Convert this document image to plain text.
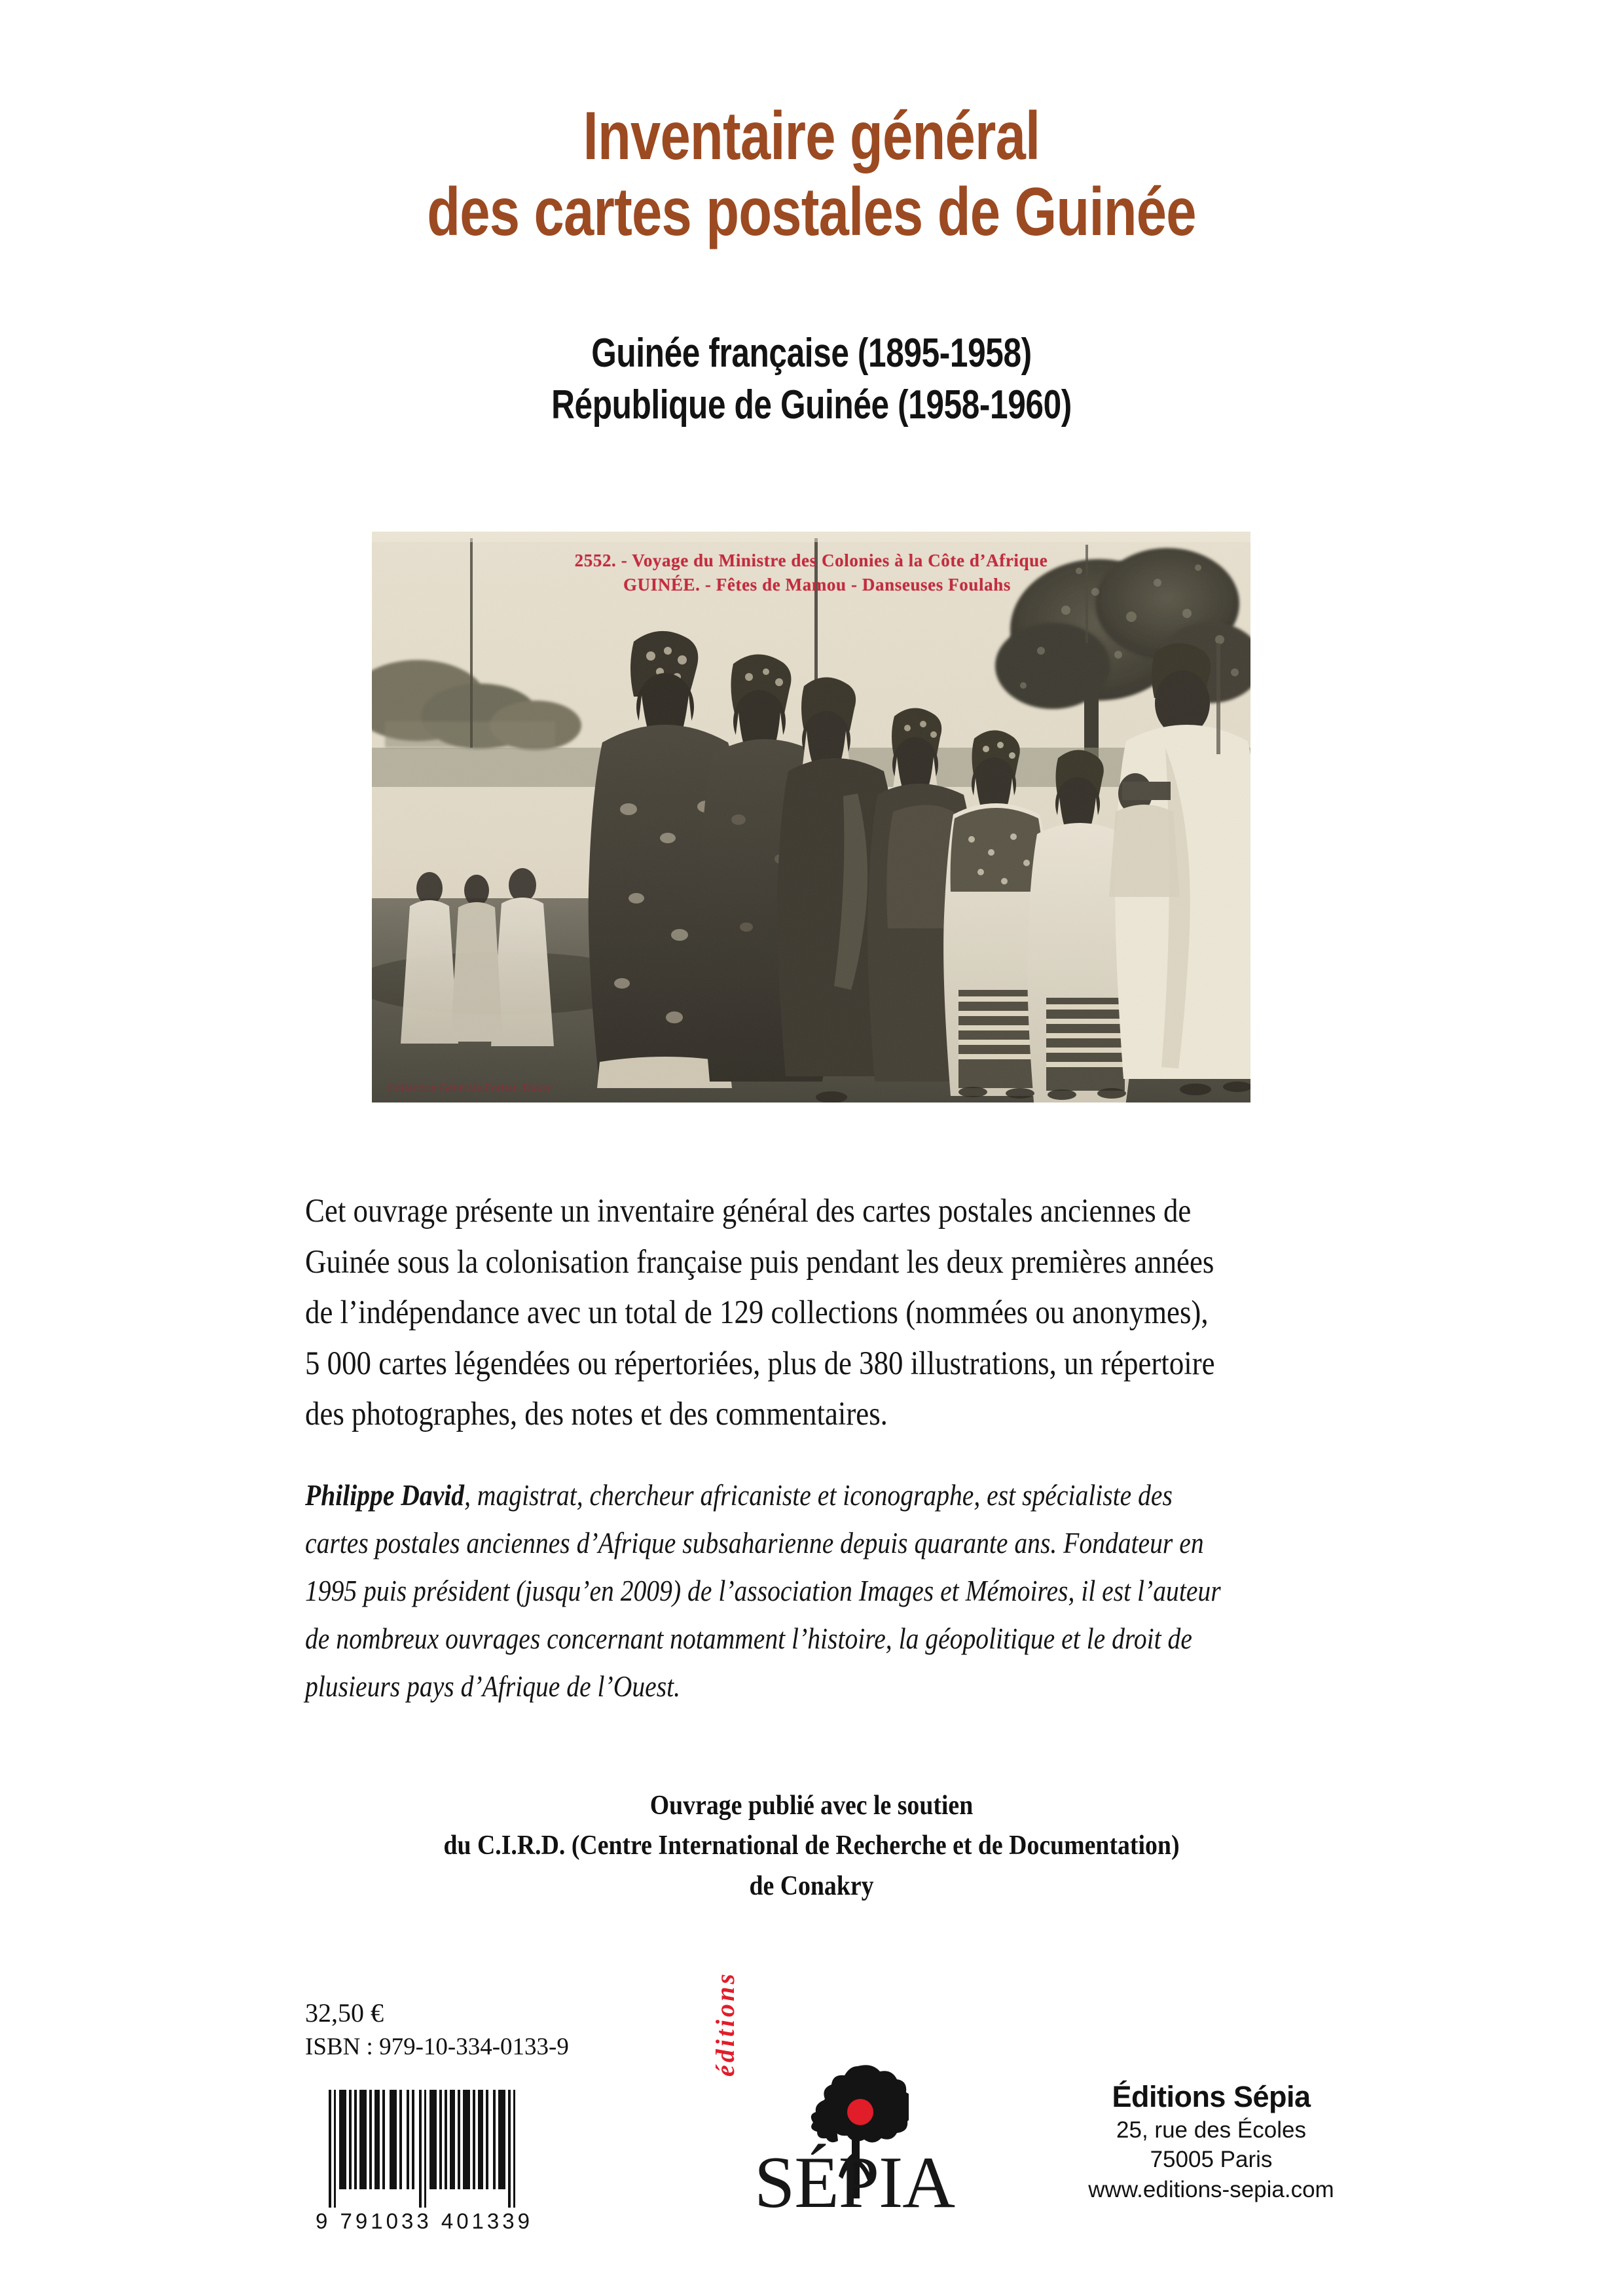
Inventaire général
des cartes postales de Guinée
Guinée française (1895-1958)
République de Guinée (1958-1960)
2552. - Voyage du Ministre des Colonies à la Côte d’Afrique
GUINÉE. - Fêtes de Mamou - Danseuses Foulahs
Collection Générale Fortier, Dakar
Cet ouvrage présente un inventaire général des cartes postales anciennes de Guinée sous la colonisation française puis pendant les deux premières années de l’indépendance avec un total de 129 collections (nommées ou anonymes), 5 000 cartes légendées ou répertoriées, plus de 380 illustrations, un répertoire des photographes, des notes et des commentaires.
Philippe David, magistrat, chercheur africaniste et iconographe, est spécialiste des cartes postales anciennes d’Afrique subsaharienne depuis quarante ans. Fondateur en 1995 puis président (jusqu’en 2009) de l’association Images et Mémoires, il est l’auteur de nombreux ouvrages concernant notamment l’histoire, la géopolitique et le droit de plusieurs pays d’Afrique de l’Ouest.
Ouvrage publié avec le soutien
du C.I.R.D. (Centre International de Recherche et de Documentation)
de Conakry
32,50 €
ISBN : 979-10-334-0133-9
9 791033 401339
éditions
SÉPIA
Éditions Sépia
25, rue des Écoles
75005 Paris
www.editions-sepia.com
